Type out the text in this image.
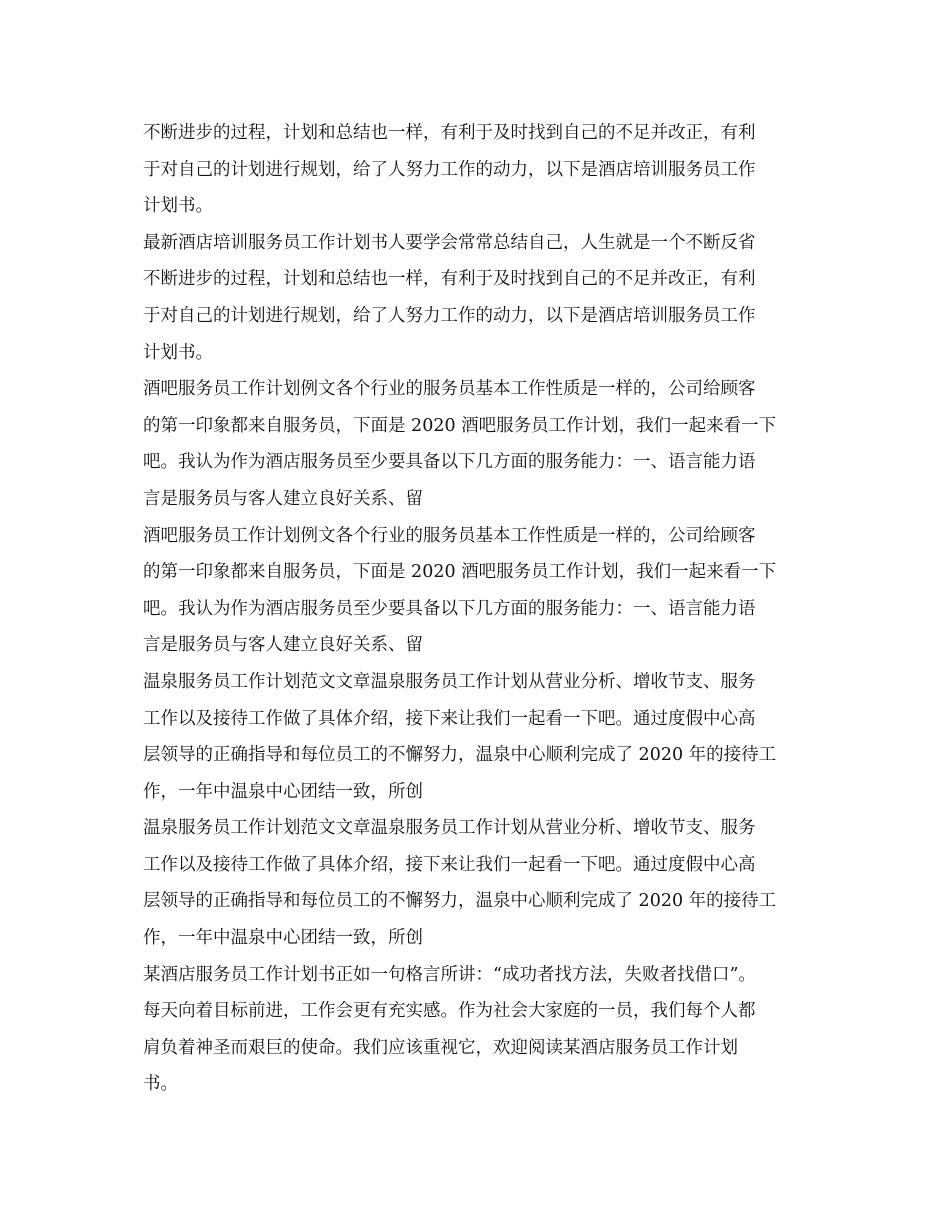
不断进步的过程，计划和总结也一样，有利于及时找到自己的不足并改正，有利
于对自己的计划进行规划，给了人努力工作的动力，以下是酒店培训服务员工作
计划书。
最新酒店培训服务员工作计划书人要学会常常总结自己，人生就是一个不断反省
不断进步的过程，计划和总结也一样，有利于及时找到自己的不足并改正，有利
于对自己的计划进行规划，给了人努力工作的动力，以下是酒店培训服务员工作
计划书。
酒吧服务员工作计划例文各个行业的服务员基本工作性质是一样的，公司给顾客
的第一印象都来自服务员，下面是 2020 酒吧服务员工作计划，我们一起来看一下
吧。我认为作为酒店服务员至少要具备以下几方面的服务能力：一、语言能力语
言是服务员与客人建立良好关系、留
酒吧服务员工作计划例文各个行业的服务员基本工作性质是一样的，公司给顾客
的第一印象都来自服务员，下面是 2020 酒吧服务员工作计划，我们一起来看一下
吧。我认为作为酒店服务员至少要具备以下几方面的服务能力：一、语言能力语
言是服务员与客人建立良好关系、留
温泉服务员工作计划范文文章温泉服务员工作计划从营业分析、增收节支、服务
工作以及接待工作做了具体介绍，接下来让我们一起看一下吧。通过度假中心高
层领导的正确指导和每位员工的不懈努力，温泉中心顺利完成了 2020 年的接待工
作，一年中温泉中心团结一致，所创
温泉服务员工作计划范文文章温泉服务员工作计划从营业分析、增收节支、服务
工作以及接待工作做了具体介绍，接下来让我们一起看一下吧。通过度假中心高
层领导的正确指导和每位员工的不懈努力，温泉中心顺利完成了 2020 年的接待工
作，一年中温泉中心团结一致，所创
某酒店服务员工作计划书正如一句格言所讲：“成功者找方法，失败者找借口”。
每天向着目标前进，工作会更有充实感。作为社会大家庭的一员，我们每个人都
肩负着神圣而艰巨的使命。我们应该重视它，欢迎阅读某酒店服务员工作计划
书。
